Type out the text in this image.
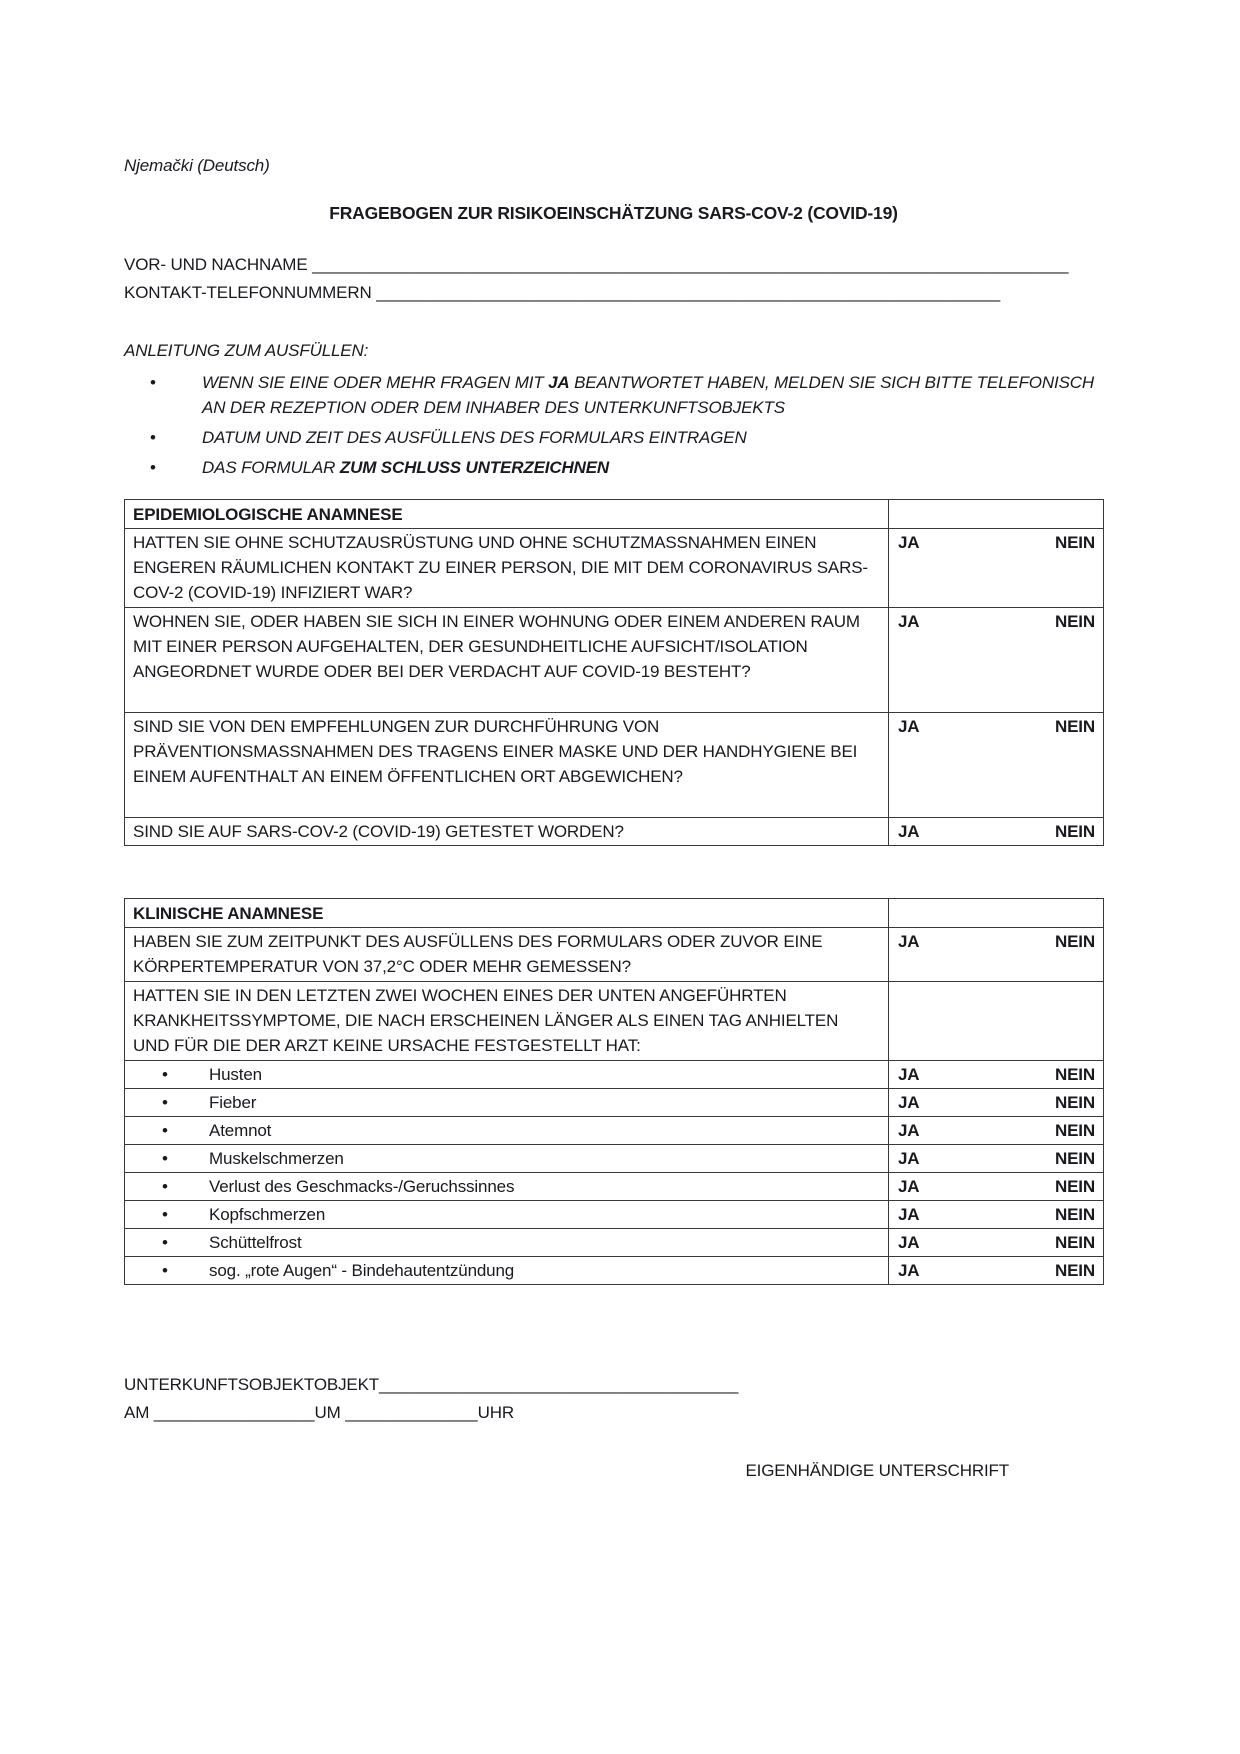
Njemački (Deutsch)
FRAGEBOGEN ZUR RISIKOEINSCHÄTZUNG SARS-COV-2 (COVID-19)
VOR- UND NACHNAME ________________________________________________________________________________
KONTAKT-TELEFONNUMMERN __________________________________________________________________
ANLEITUNG ZUM AUSFÜLLEN:
•	WENN SIE EINE ODER MEHR FRAGEN MIT JA BEANTWORTET HABEN, MELDEN SIE SICH BITTE TELEFONISCH AN DER REZEPTION ODER DEM INHABER DES UNTERKUNFTSOBJEKTS
•	DATUM UND ZEIT DES AUSFÜLLENS DES FORMULARS EINTRAGEN
•	DAS FORMULAR ZUM SCHLUSS UNTERZEICHNEN
EPIDEMIOLOGISCHE ANAMNESE	
HATTEN SIE OHNE SCHUTZAUSRÜSTUNG UND OHNE SCHUTZMASSNAHMEN EINEN ENGEREN RÄUMLICHEN KONTAKT ZU EINER PERSON, DIE MIT DEM CORONAVIRUS SARS-COV-2 (COVID-19) INFIZIERT WAR?	JA NEIN

WOHNEN SIE, ODER HABEN SIE SICH IN EINER WOHNUNG ODER EINEM ANDEREN RAUM MIT EINER PERSON AUFGEHALTEN, DER GESUNDHEITLICHE AUFSICHT/ISOLATION ANGEORDNET WURDE ODER BEI DER VERDACHT AUF COVID-19 BESTEHT?	JA NEIN

SIND SIE VON DEN EMPFEHLUNGEN ZUR DURCHFÜHRUNG VON PRÄVENTIONSMASSNAHMEN DES TRAGENS EINER MASKE UND DER HANDHYGIENE BEI EINEM AUFENTHALT AN EINEM ÖFFENTLICHEN ORT ABGEWICHEN?	JA NEIN

SIND SIE AUF SARS-COV-2 (COVID-19) GETESTET WORDEN?	JA NEIN
KLINISCHE ANAMNESE	
HABEN SIE ZUM ZEITPUNKT DES AUSFÜLLENS DES FORMULARS ODER ZUVOR EINE KÖRPERTEMPERATUR VON 37,2°C ODER MEHR GEMESSEN?	JA NEIN

HATTEN SIE IN DEN LETZTEN ZWEI WOCHEN EINES DER UNTEN ANGEFÜHRTEN KRANKHEITSSYMPTOME, DIE NACH ERSCHEINEN LÄNGER ALS EINEN TAG ANHIELTEN UND FÜR DIE DER ARZT KEINE URSACHE FESTGESTELLT HAT:	
• Husten	JA NEIN

• Fieber	JA NEIN

• Atemnot	JA NEIN

• Muskelschmerzen	JA NEIN

• Verlust des Geschmacks-/Geruchssinnes	JA NEIN

• Kopfschmerzen	JA NEIN

• Schüttelfrost	JA NEIN

• sog. „rote Augen“ - Bindehautentzündung	JA NEIN
UNTERKUNFTSOBJEKTOBJEKT______________________________________
AM _________________UM ______________UHR
EIGENHÄNDIGE UNTERSCHRIFT
